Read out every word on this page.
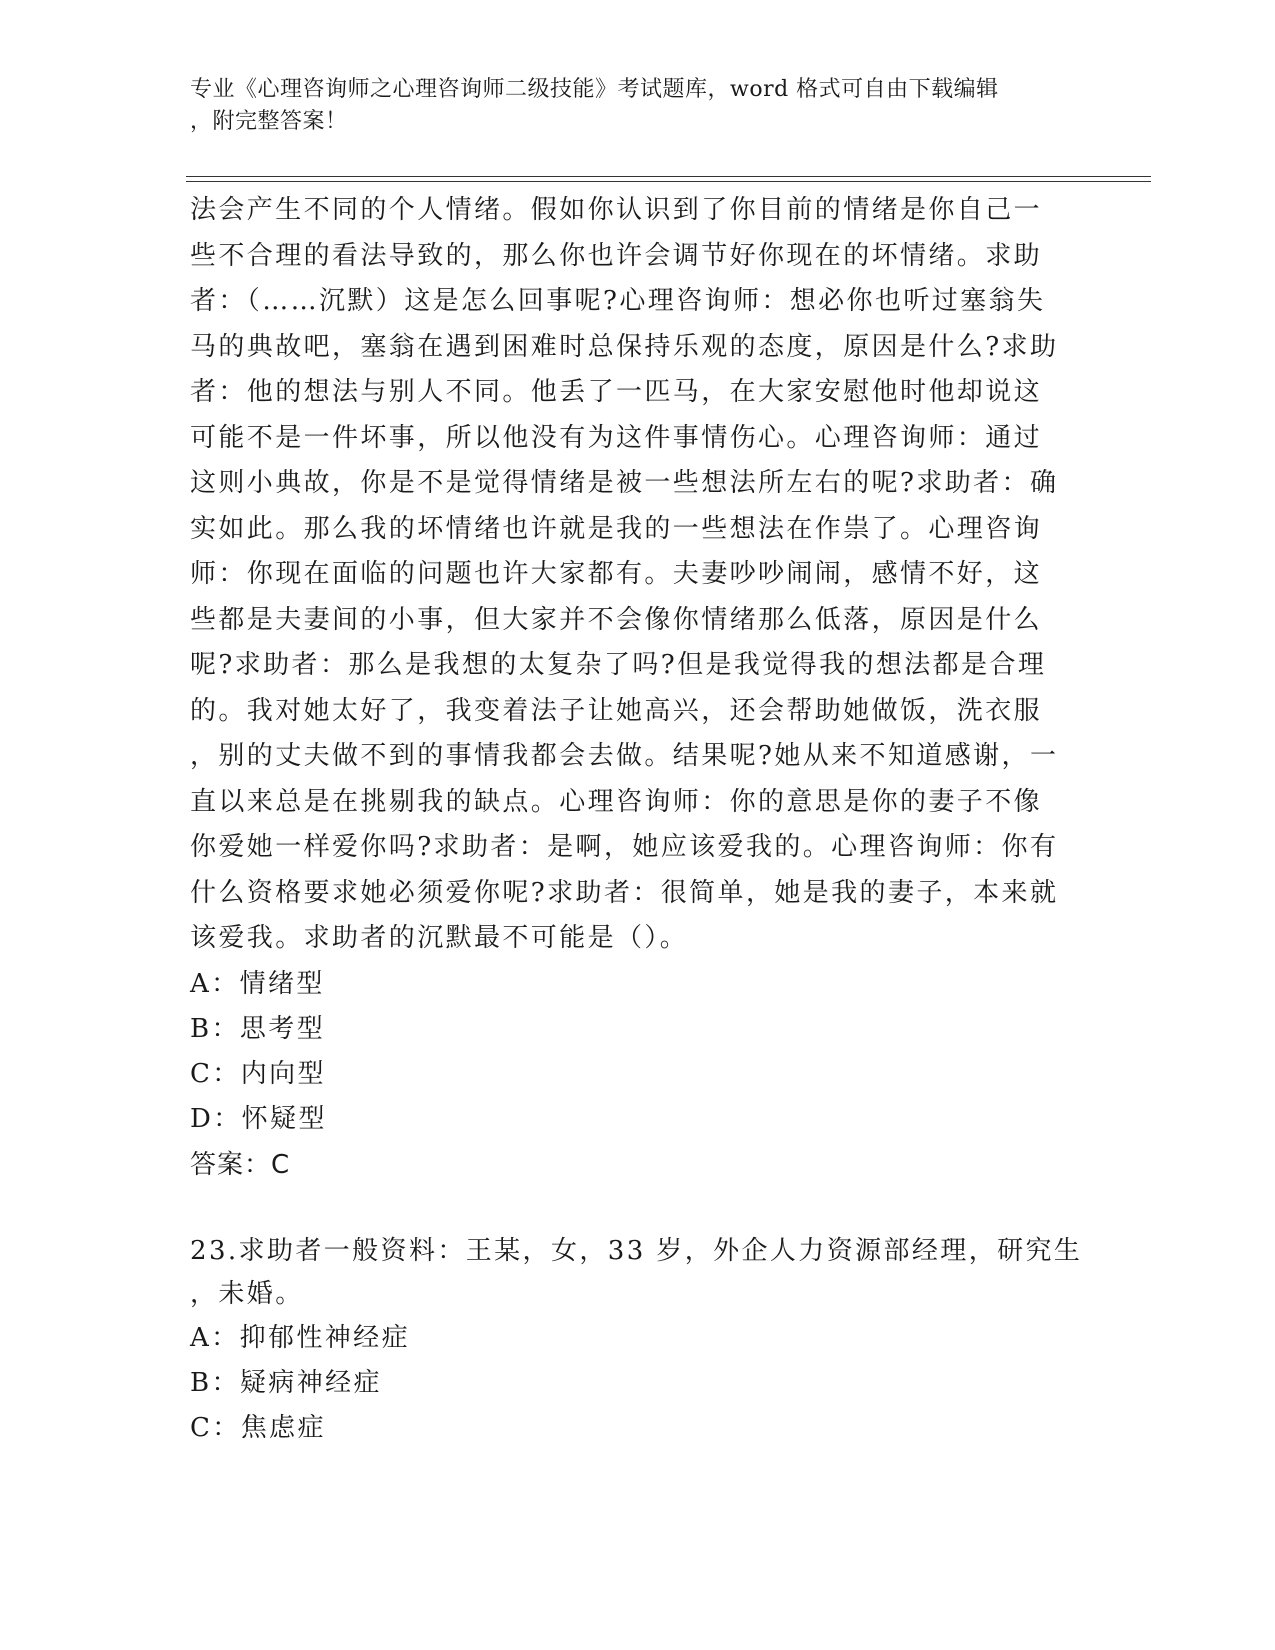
专业《心理咨询师之心理咨询师二级技能》考试题库，word 格式可自由下载编辑
，附完整答案！
法会产生不同的个人情绪。假如你认识到了你目前的情绪是你自己一
些不合理的看法导致的，那么你也许会调节好你现在的坏情绪。求助
者：（……沉默）这是怎么回事呢?心理咨询师：想必你也听过塞翁失
马的典故吧，塞翁在遇到困难时总保持乐观的态度，原因是什么?求助
者：他的想法与别人不同。他丢了一匹马，在大家安慰他时他却说这
可能不是一件坏事，所以他没有为这件事情伤心。心理咨询师：通过
这则小典故，你是不是觉得情绪是被一些想法所左右的呢?求助者：确
实如此。那么我的坏情绪也许就是我的一些想法在作祟了。心理咨询
师：你现在面临的问题也许大家都有。夫妻吵吵闹闹，感情不好，这
些都是夫妻间的小事，但大家并不会像你情绪那么低落，原因是什么
呢?求助者：那么是我想的太复杂了吗?但是我觉得我的想法都是合理
的。我对她太好了，我变着法子让她高兴，还会帮助她做饭，洗衣服
，别的丈夫做不到的事情我都会去做。结果呢?她从来不知道感谢，一
直以来总是在挑剔我的缺点。心理咨询师：你的意思是你的妻子不像
你爱她一样爱你吗?求助者：是啊，她应该爱我的。心理咨询师：你有
什么资格要求她必须爱你呢?求助者：很简单，她是我的妻子，本来就
该爱我。求助者的沉默最不可能是（）。
A：情绪型
B：思考型
C：内向型
D：怀疑型
答案：C
23.求助者一般资料：王某，女，33 岁，外企人力资源部经理，研究生
，未婚。
A：抑郁性神经症
B：疑病神经症
C：焦虑症
